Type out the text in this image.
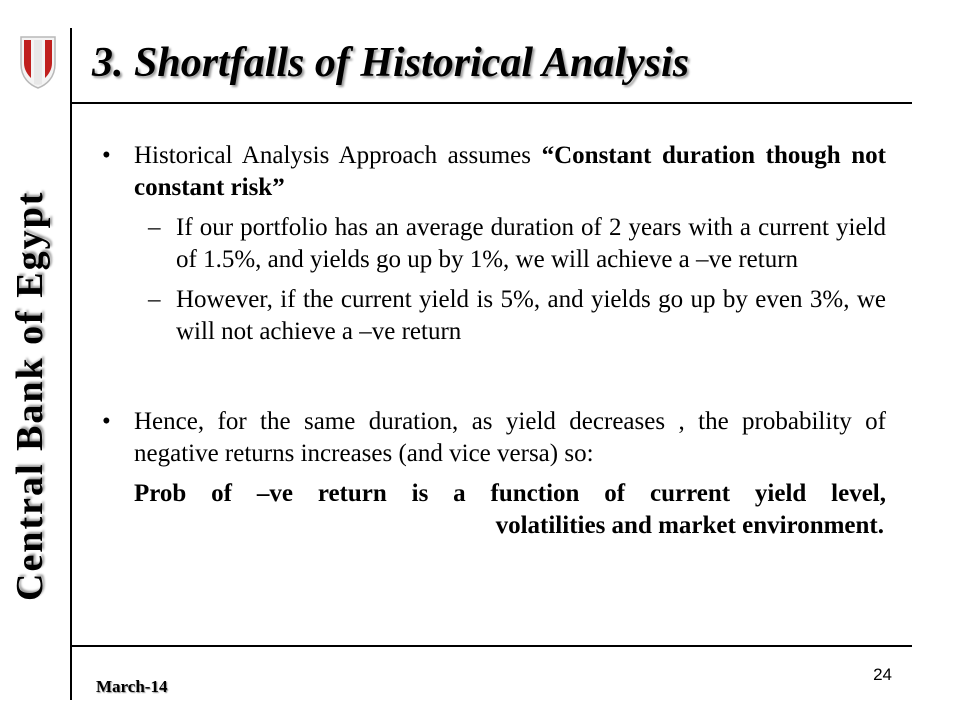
3. Shortfalls of Historical Analysis
Central Bank of Egypt
• Historical Analysis Approach assumes “Constant duration though not constant risk”
– If our portfolio has an average duration of 2 years with a current yield of 1.5%, and yields go up by 1%, we will achieve a –ve return
– However, if the current yield is 5%, and yields go up by even 3%, we will not achieve a –ve return
• Hence, for the same duration, as yield decreases , the probability of negative returns increases (and vice versa) so:
Prob of –ve return is a function of current yield level,
volatilities and market environment.
March-14
24
